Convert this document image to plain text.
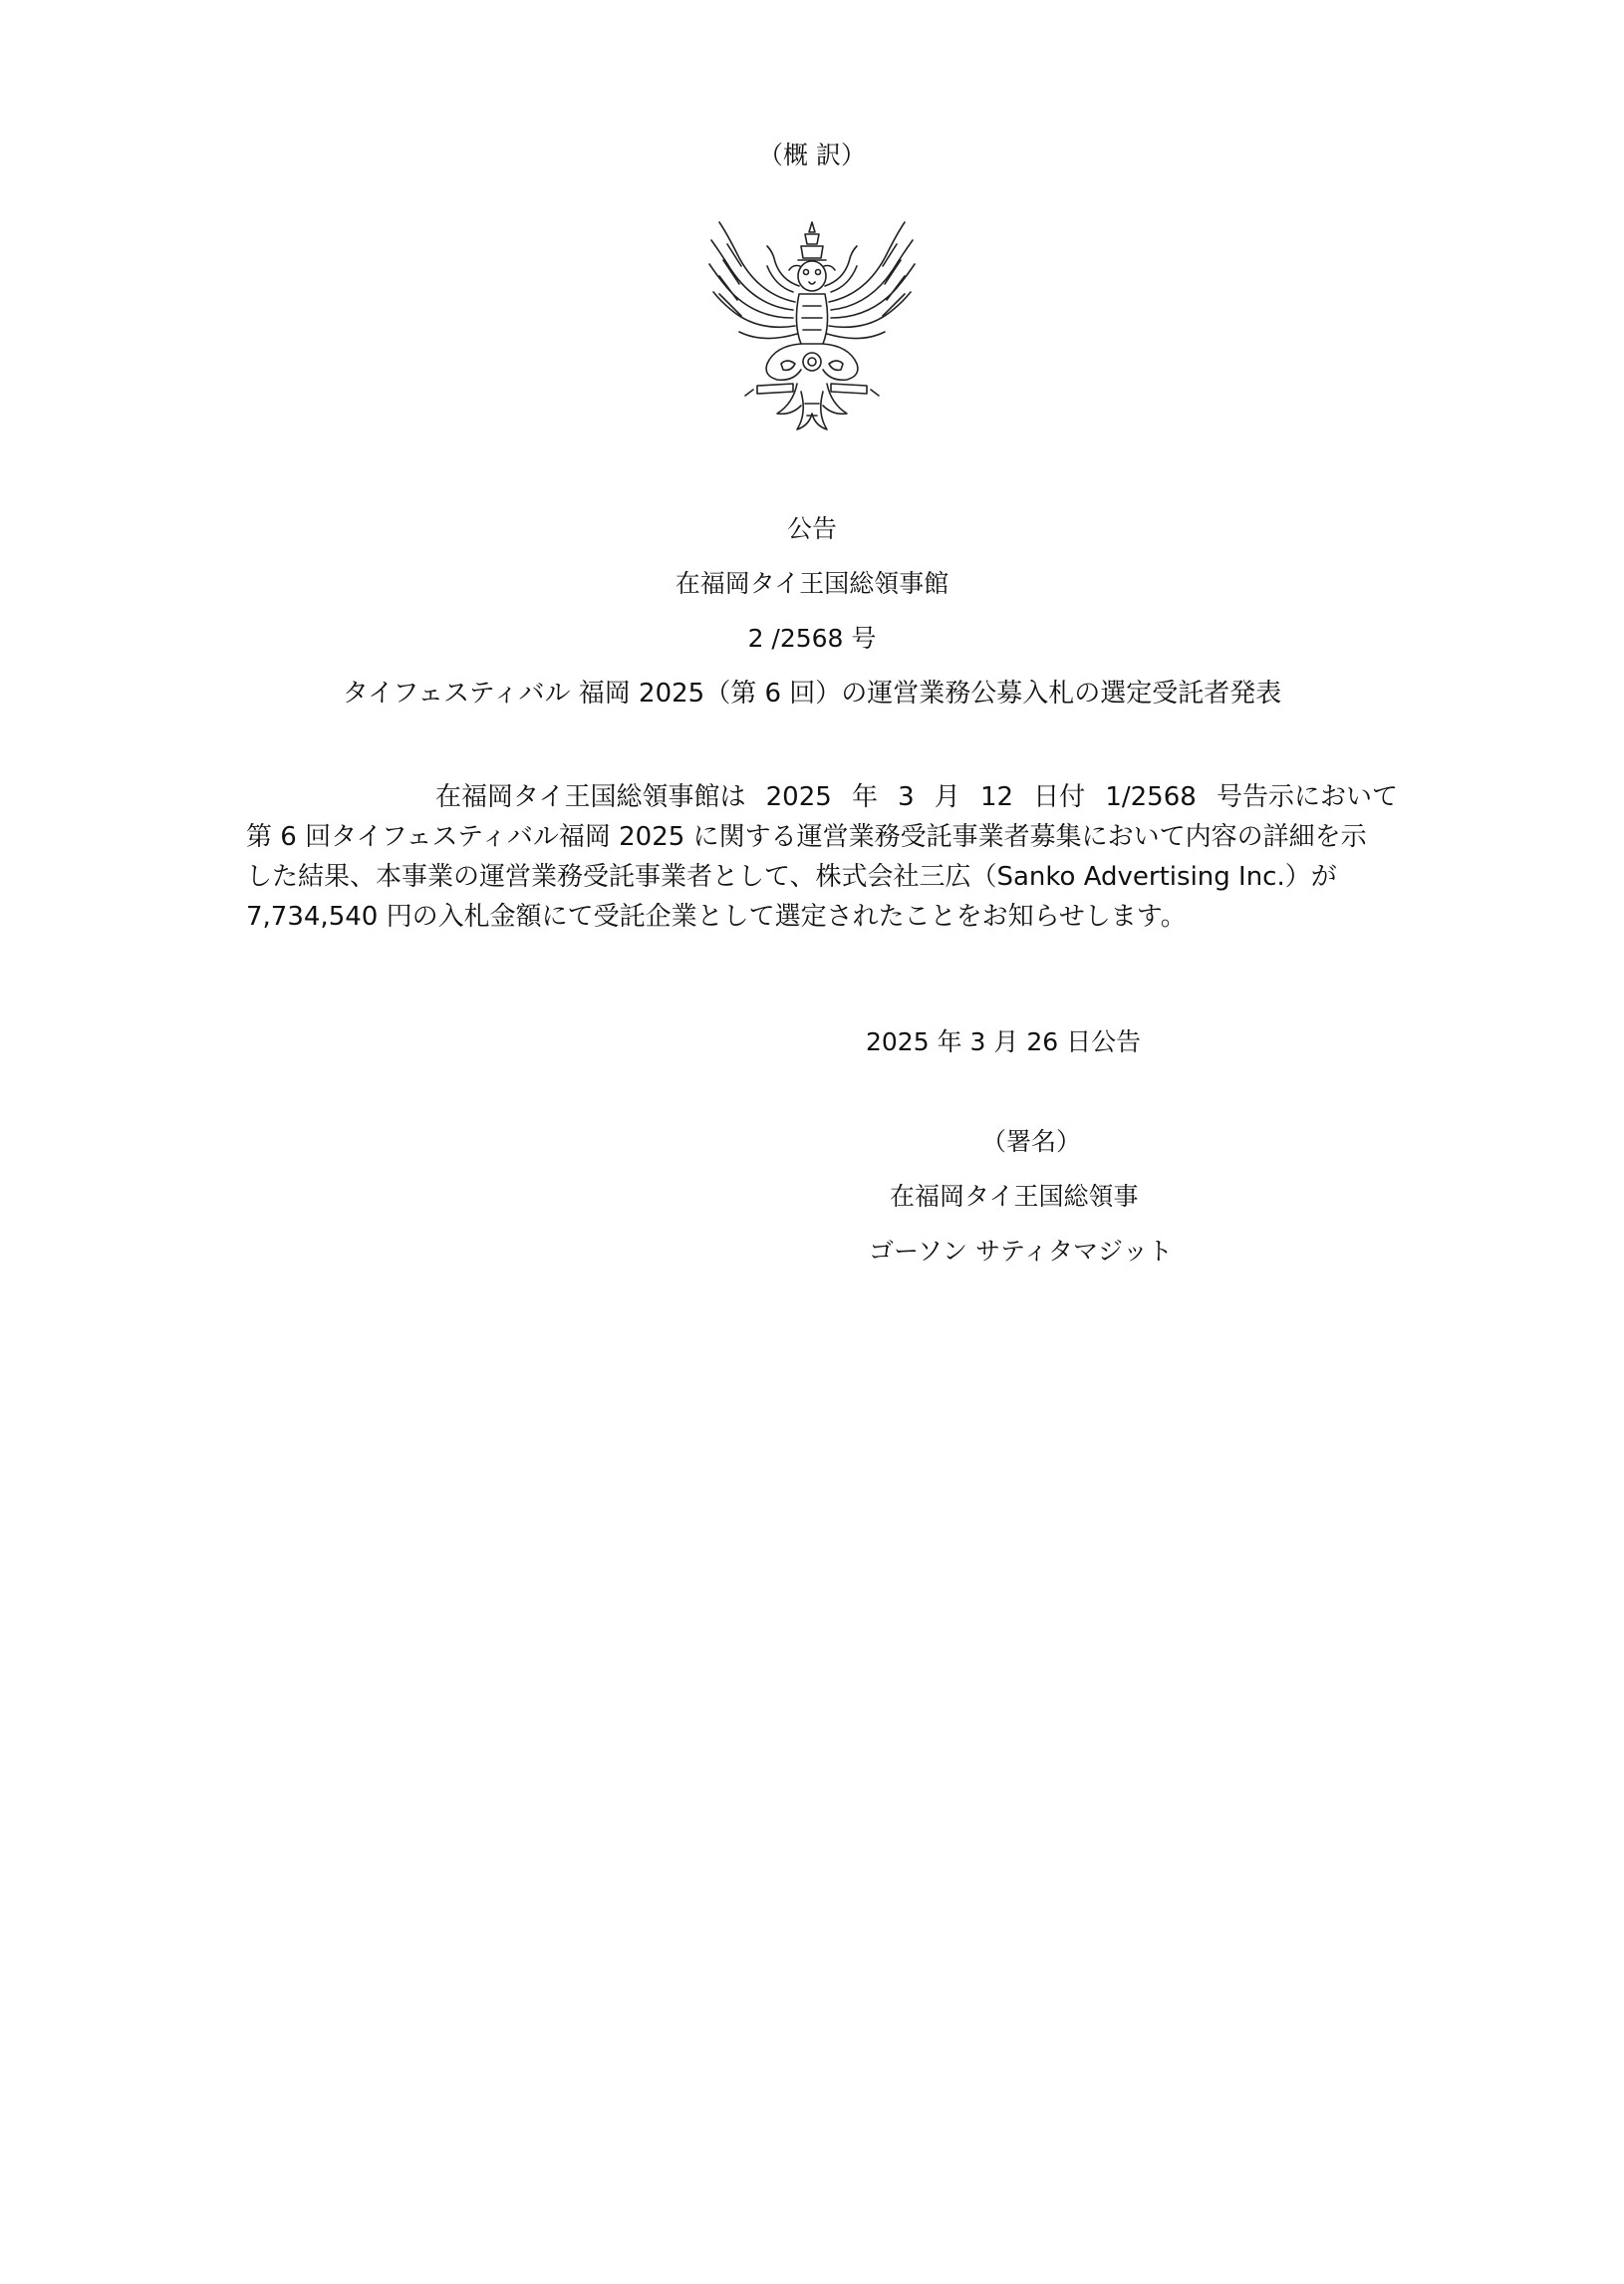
（概 訳）
公告
在福岡タイ王国総領事館
2 /2568 号
タイフェスティバル 福岡 2025（第 6 回）の運営業務公募入札の選定受託者発表
在福岡タイ王国総領事館は 2025 年 3 月 12 日付 1/2568 号告示において
第 6 回タイフェスティバル福岡 2025 に関する運営業務受託事業者募集において内容の詳細を示
した結果、本事業の運営業務受託事業者として、株式会社三広（Sanko Advertising Inc.）が
7,734,540 円の入札金額にて受託企業として選定されたことをお知らせします。
2025 年 3 月 26 日公告
（署名）
在福岡タイ王国総領事
ゴーソン サティタマジット
